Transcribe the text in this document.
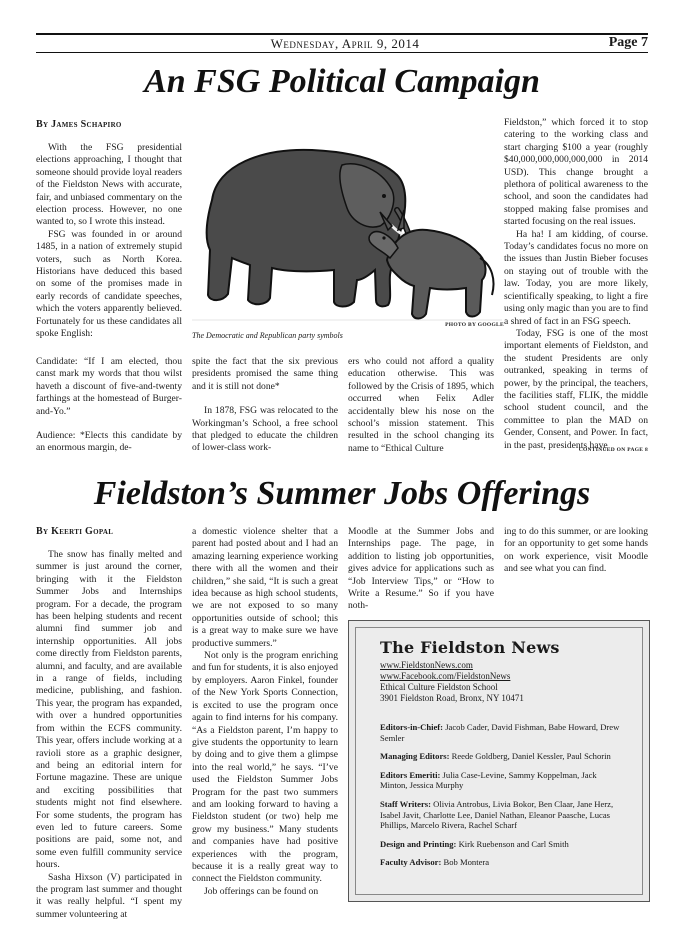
Wednesday, April 9, 2014	Page 7
An FSG Political Campaign
By James Schapiro

With the FSG presidential elections approaching, I thought that someone should provide loyal readers of the Fieldston News with accurate, fair, and unbiased commentary on the election process. However, no one wanted to, so I wrote this instead.

FSG was founded in or around 1485, in a nation of extremely stupid voters, such as North Korea. Historians have deduced this based on some of the promises made in early records of candidate speeches, which the voters apparently believed. Fortunately for us these candidates all spoke English:

PHOTO BY GOOGLE
The Democratic and Republican party symbols

Candidate: “If I am elected, thou canst mark my words that thou wilst haveth a discount of five-and-twenty farthings at the homestead of Burger-and-Yo.”

Audience: *Elects this candidate by an enormous margin, de-

spite the fact that the six previous presidents promised the same thing and it is still not done*

In 1878, FSG was relocated to the Workingman’s School, a free school that pledged to educate the children of lower-class work-

ers who could not afford a quality education otherwise. This was followed by the Crisis of 1895, which occurred when Felix Adler accidentally blew his nose on the school’s mission statement. This resulted in the school changing its name to “Ethical Culture

Fieldston,” which forced it to stop catering to the working class and start charging $100 a year (roughly $40,000,000,000,000,000 in 2014 USD). This change brought a plethora of political awareness to the school, and soon the candidates had stopped making false promises and started focusing on the real issues.

Ha ha! I am kidding, of course. Today’s candidates focus no more on the issues than Justin Bieber focuses on staying out of trouble with the law. Today, you are more likely, scientifically speaking, to light a fire using only magic than you are to find a shred of fact in an FSG speech.

Today, FSG is one of the most important elements of Fieldston, and the student Presidents are only outranked, speaking in terms of power, by the principal, the teachers, the facilities staff, FLIK, the middle school student council, and the committee to plan the MAD on Gender, Consent, and Power. In fact, in the past, presidents have

CONTINUED ON PAGE 8
Fieldston’s Summer Jobs Offerings
By Keerti Gopal

The snow has finally melted and summer is just around the corner, bringing with it the Fieldston Summer Jobs and Internships program. For a decade, the program has been helping students and recent alumni find summer job and internship opportunities. All jobs come directly from Fieldston parents, alumni, and faculty, and are available in a range of fields, including medicine, publishing, and fashion. This year, the program has expanded, with over a hundred opportunities from within the ECFS community. This year, offers include working at a ravioli store as a graphic designer, and being an editorial intern for Fortune magazine. These are unique and exciting possibilities that students might not find elsewhere. For some students, the program has even led to future careers. Some positions are paid, some not, and some even fulfill community service hours.

Sasha Hixson (V) participated in the program last summer and thought it was really helpful. “I spent my summer volunteering at

a domestic violence shelter that a parent had posted about and I had an amazing learning experience working there with all the women and their children,” she said, “It is such a great idea because as high school students, we are not exposed to so many opportunities outside of school; this is a great way to make sure we have productive summers.”

Not only is the program enriching and fun for students, it is also enjoyed by employers. Aaron Finkel, founder of the New York Sports Connection, is excited to use the program once again to find interns for his company. “As a Fieldston parent, I’m happy to give students the opportunity to learn by doing and to give them a glimpse into the real world,” he says. “I’ve used the Fieldston Summer Jobs Program for the past two summers and am looking forward to having a Fieldston student (or two) help me grow my business.” Many students and companies have had positive experiences with the program, because it is a really great way to connect the Fieldston community.

Job offerings can be found on

Moodle at the Summer Jobs and Internships page. The page, in addition to listing job opportunities, gives advice for applications such as “Job Interview Tips,” or “How to Write a Resume.” So if you have noth-

ing to do this summer, or are looking for an opportunity to get some hands on work experience, visit Moodle and see what you can find.

The Fieldston News
www.FieldstonNews.com
www.Facebook.com/FieldstonNews
Ethical Culture Fieldston School
3901 Fieldston Road, Bronx, NY 10471

Editors-in-Chief: Jacob Cader, David Fishman, Babe Howard, Drew Semler

Managing Editors: Reede Goldberg, Daniel Kessler, Paul Schorin

Editors Emeriti: Julia Case-Levine, Sammy Koppelman, Jack Minton, Jessica Murphy

Staff Writers: Olivia Antrobus, Livia Bokor, Ben Claar, Jane Herz, Isabel Javit, Charlotte Lee, Daniel Nathan, Eleanor Paasche, Lucas Phillips, Marcelo Rivera, Rachel Scharf

Design and Printing: Kirk Ruebenson and Carl Smith

Faculty Advisor: Bob Montera
